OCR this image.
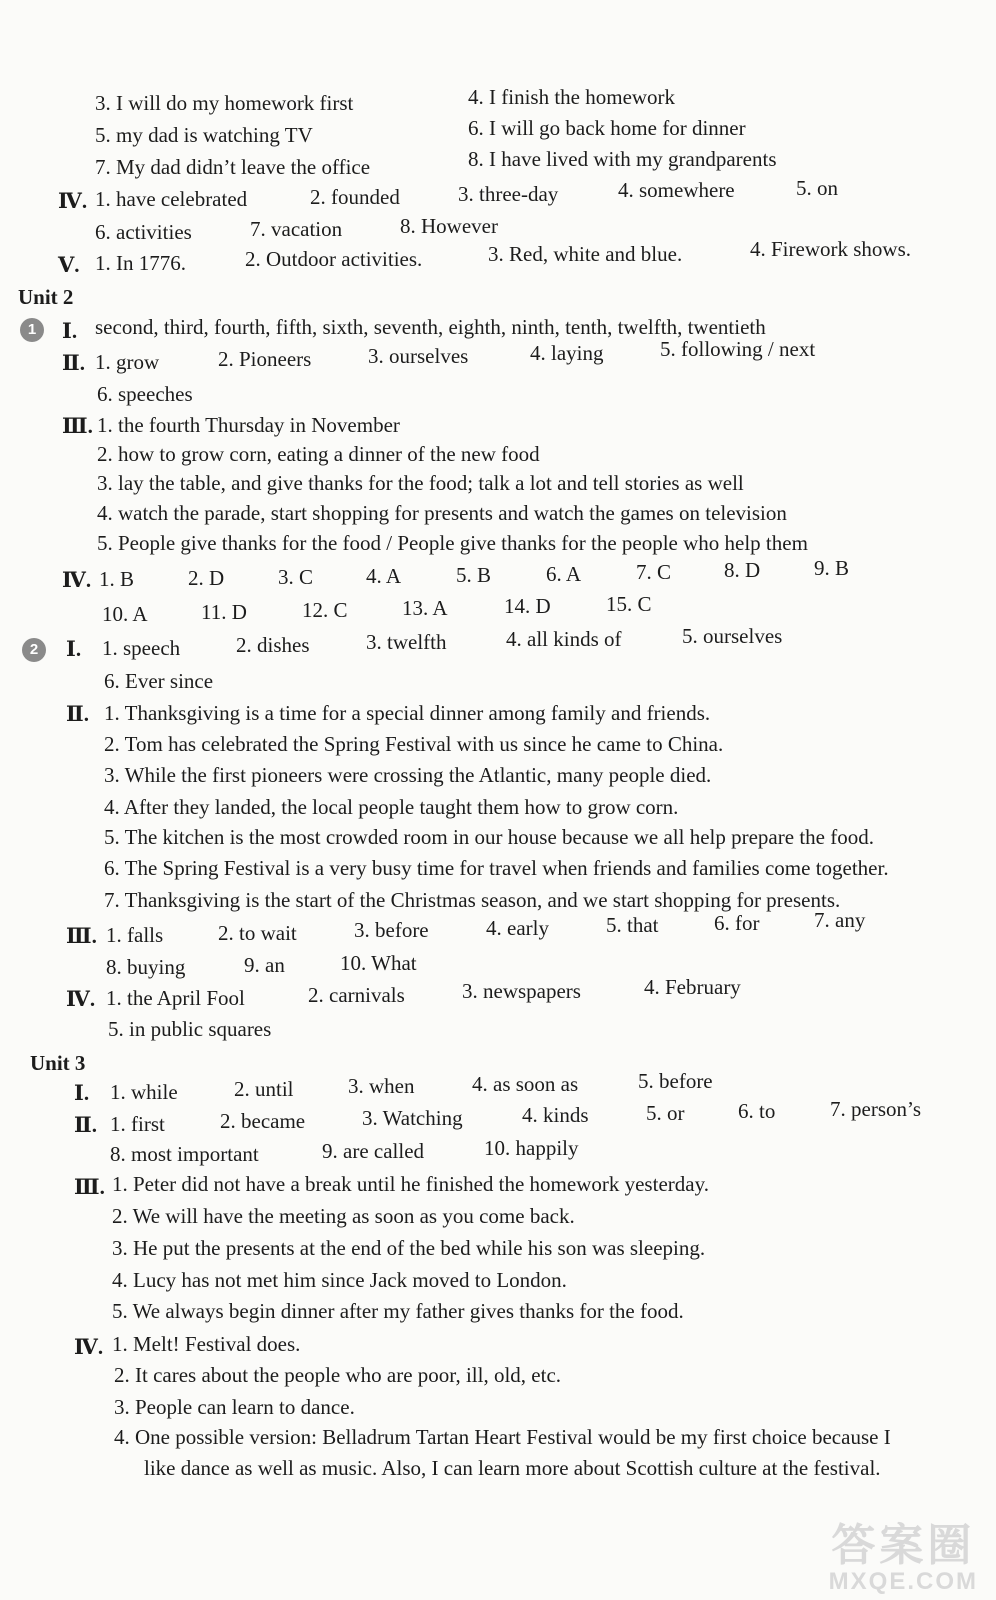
3. I will do my homework first	4. I finish the homework
5. my dad is watching TV	6. I will go back home for dinner
7. My dad didn’t leave the office	8. I have lived with my grandparents
Ⅳ. 1. have celebrated	2. founded	3. three-day	4. somewhere	5. on
6. activities	7. vacation	8. However
Ⅴ. 1. In 1776.	2. Outdoor activities.	3. Red, white and blue.	4. Firework shows.
Unit 2
1	Ⅰ. second, third, fourth, fifth, sixth, seventh, eighth, ninth, tenth, twelfth, twentieth
Ⅱ. 1. grow	2. Pioneers	3. ourselves	4. laying	5. following / next
6. speeches
Ⅲ. 1. the fourth Thursday in November
2. how to grow corn, eating a dinner of the new food
3. lay the table, and give thanks for the food; talk a lot and tell stories as well
4. watch the parade, start shopping for presents and watch the games on television
5. People give thanks for the food / People give thanks for the people who help them
Ⅳ. 1. B	2. D	3. C	4. A	5. B	6. A	7. C	8. D	9. B
10. A	11. D	12. C	13. A	14. D	15. C
2	Ⅰ. 1. speech	2. dishes	3. twelfth	4. all kinds of	5. ourselves
6. Ever since
Ⅱ. 1. Thanksgiving is a time for a special dinner among family and friends.
2. Tom has celebrated the Spring Festival with us since he came to China.
3. While the first pioneers were crossing the Atlantic, many people died.
4. After they landed, the local people taught them how to grow corn.
5. The kitchen is the most crowded room in our house because we all help prepare the food.
6. The Spring Festival is a very busy time for travel when friends and families come together.
7. Thanksgiving is the start of the Christmas season, and we start shopping for presents.
Ⅲ. 1. falls	2. to wait	3. before	4. early	5. that	6. for	7. any
8. buying	9. an	10. What
Ⅳ. 1. the April Fool	2. carnivals	3. newspapers	4. February
5. in public squares
Unit 3
Ⅰ. 1. while	2. until	3. when	4. as soon as	5. before
Ⅱ. 1. first	2. became	3. Watching	4. kinds	5. or	6. to	7. person’s
8. most important	9. are called	10. happily
Ⅲ. 1. Peter did not have a break until he finished the homework yesterday.
2. We will have the meeting as soon as you come back.
3. He put the presents at the end of the bed while his son was sleeping.
4. Lucy has not met him since Jack moved to London.
5. We always begin dinner after my father gives thanks for the food.
Ⅳ. 1. Melt! Festival does.
2. It cares about the people who are poor, ill, old, etc.
3. People can learn to dance.
4. One possible version: Belladrum Tartan Heart Festival would be my first choice because I
like dance as well as music. Also, I can learn more about Scottish culture at the festival.
答案圈
MXQE.COM
